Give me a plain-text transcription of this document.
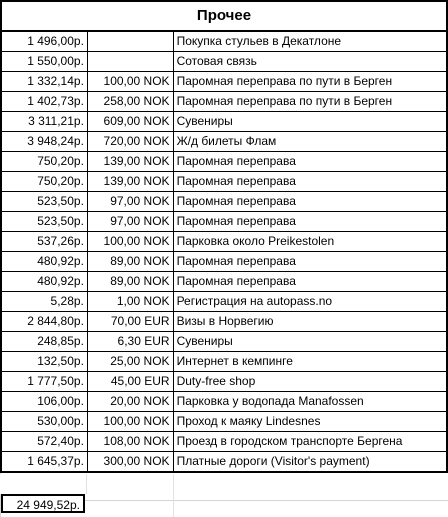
Прочее		
1 496,00р.		Покупка стульев в Декатлоне
1 550,00р.		Сотовая связь
1 332,14р.	100,00 NOK	Паромная переправа по пути в Берген
1 402,73р.	258,00 NOK	Паромная переправа по пути в Берген
3 311,21р.	609,00 NOK	Сувениры
3 948,24р.	720,00 NOK	Ж/д билеты Флам
750,20р.	139,00 NOK	Паромная переправа
750,20р.	139,00 NOK	Паромная переправа
523,50р.	97,00 NOK	Паромная переправа
523,50р.	97,00 NOK	Паромная переправа
537,26р.	100,00 NOK	Парковка около Preikestolen
480,92р.	89,00 NOK	Паромная переправа
480,92р.	89,00 NOK	Паромная переправа
5,28р.	1,00 NOK	Регистрация на autopass.no
2 844,80р.	70,00 EUR	Визы в Норвегию
248,85р.	6,30 EUR	Сувениры
132,50р.	25,00 NOK	Интернет в кемпинге
1 777,50р.	45,00 EUR	Duty-free shop
106,00р.	20,00 NOK	Парковка у водопада Manafossen
530,00р.	100,00 NOK	Проход к маяку Lindesnes
572,40р.	108,00 NOK	Проезд в городском транспорте Бергена
1 645,37р.	300,00 NOK	Платные дороги (Visitor's payment)
24 949,52р.
